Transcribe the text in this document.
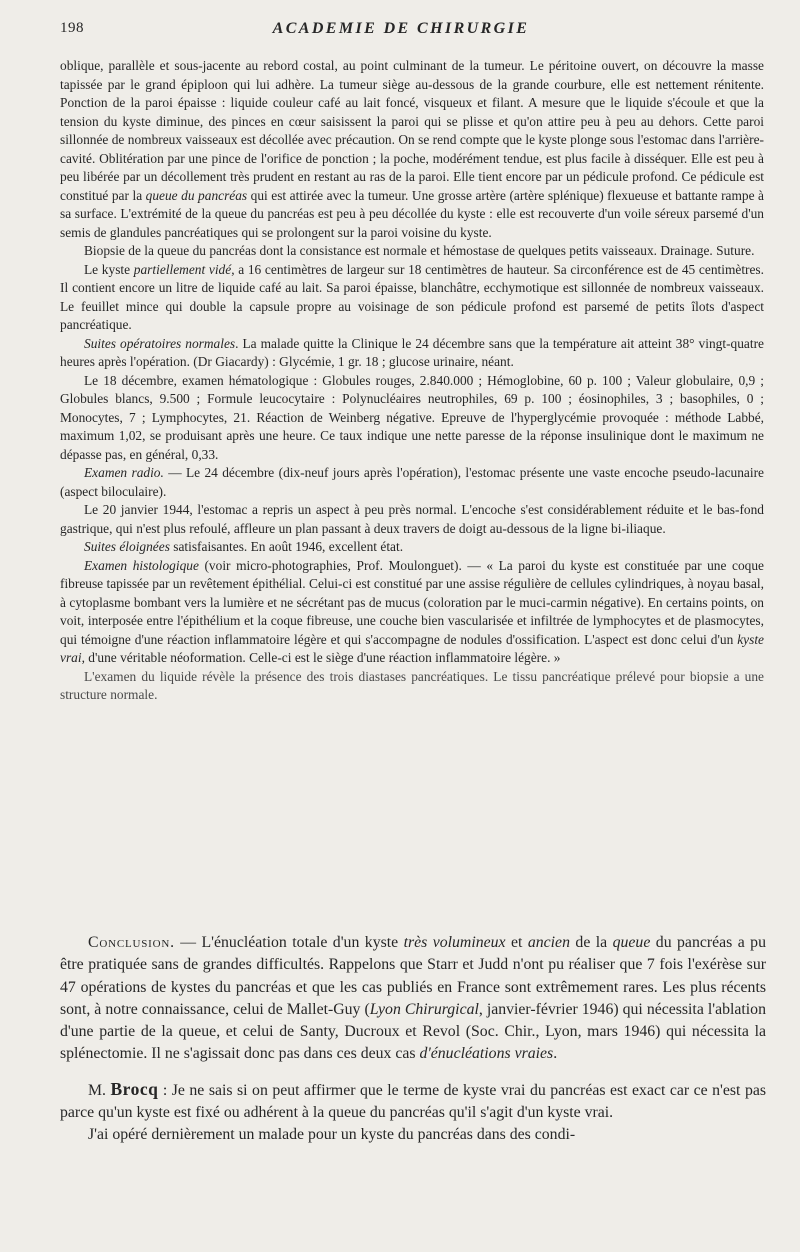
198	ACADEMIE DE CHIRURGIE

oblique, parallèle et sous-jacente au rebord costal, au point culminant de la tumeur. Le péritoine ouvert, on découvre la masse tapissée par le grand épiploon qui lui adhère. La tumeur siège au-dessous de la grande courbure, elle est nettement rénitente. Ponction de la paroi épaisse : liquide couleur café au lait foncé, visqueux et filant. A mesure que le liquide s'écoule et que la tension du kyste diminue, des pinces en cœur saisissent la paroi qui se plisse et qu'on attire peu à peu au dehors. Cette paroi sillonnée de nombreux vaisseaux est décollée avec précaution. On se rend compte que le kyste plonge sous l'estomac dans l'arrière-cavité. Oblitération par une pince de l'orifice de ponction ; la poche, modérément tendue, est plus facile à disséquer. Elle est peu à peu libérée par un décollement très prudent en restant au ras de la paroi. Elle tient encore par un pédicule profond. Ce pédicule est constitué par la queue du pancréas qui est attirée avec la tumeur. Une grosse artère (artère splénique) flexueuse et battante rampe à sa surface. L'extrémité de la queue du pancréas est peu à peu décollée du kyste : elle est recouverte d'un voile séreux parsemé d'un semis de glandules pancréatiques qui se prolongent sur la paroi voisine du kyste.

Biopsie de la queue du pancréas dont la consistance est normale et hémostase de quelques petits vaisseaux. Drainage. Suture.

Le kyste partiellement vidé, a 16 centimètres de largeur sur 18 centimètres de hauteur. Sa circonférence est de 45 centimètres. Il contient encore un litre de liquide café au lait. Sa paroi épaisse, blanchâtre, ecchymotique est sillonnée de nombreux vaisseaux. Le feuillet mince qui double la capsule propre au voisinage de son pédicule profond est parsemé de petits îlots d'aspect pancréatique.

Suites opératoires normales. La malade quitte la Clinique le 24 décembre sans que la température ait atteint 38° vingt-quatre heures après l'opération. (Dr Giacardy) : Glycémie, 1 gr. 18 ; glucose urinaire, néant.

Le 18 décembre, examen hématologique : Globules rouges, 2.840.000 ; Hémoglobine, 60 p. 100 ; Valeur globulaire, 0,9 ; Globules blancs, 9.500 ; Formule leucocytaire : Polynucléaires neutrophiles, 69 p. 100 ; éosinophiles, 3 ; basophiles, 0 ; Monocytes, 7 ; Lymphocytes, 21. Réaction de Weinberg négative. Epreuve de l'hyperglycémie provoquée : méthode Labbé, maximum 1,02, se produisant après une heure. Ce taux indique une nette paresse de la réponse insulinique dont le maximum ne dépasse pas, en général, 0,33.

Examen radio. — Le 24 décembre (dix-neuf jours après l'opération), l'estomac présente une vaste encoche pseudo-lacunaire (aspect biloculaire).

Le 20 janvier 1944, l'estomac a repris un aspect à peu près normal. L'encoche s'est considérablement réduite et le bas-fond gastrique, qui n'est plus refoulé, affleure un plan passant à deux travers de doigt au-dessous de la ligne bi-iliaque.

Suites éloignées satisfaisantes. En août 1946, excellent état.

Examen histologique (voir micro-photographies, Prof. Moulonguet). — « La paroi du kyste est constituée par une coque fibreuse tapissée par un revêtement épithélial. Celui-ci est constitué par une assise régulière de cellules cylindriques, à noyau basal, à cytoplasme bombant vers la lumière et ne sécrétant pas de mucus (coloration par le muci-carmin négative). En certains points, on voit, interposée entre l'épithélium et la coque fibreuse, une couche bien vascularisée et infiltrée de lymphocytes et de plasmocytes, qui témoigne d'une réaction inflammatoire légère et qui s'accompagne de nodules d'ossification. L'aspect est donc celui d'un kyste vrai, d'une véritable néoformation. Celle-ci est le siège d'une réaction inflammatoire légère. »

L'examen du liquide révèle la présence des trois diastases pancréatiques. Le tissu pancréatique prélevé pour biopsie a une structure normale.

Conclusion. — L'énucléation totale d'un kyste très volumineux et ancien de la queue du pancréas a pu être pratiquée sans de grandes difficultés. Rappelons que Starr et Judd n'ont pu réaliser que 7 fois l'exérèse sur 47 opérations de kystes du pancréas et que les cas publiés en France sont extrêmement rares. Les plus récents sont, à notre connaissance, celui de Mallet-Guy (Lyon Chirurgical, janvier-février 1946) qui nécessita l'ablation d'une partie de la queue, et celui de Santy, Ducroux et Revol (Soc. Chir., Lyon, mars 1946) qui nécessita la splénectomie. Il ne s'agissait donc pas dans ces deux cas d'énucléations vraies.

M. Brocq : Je ne sais si on peut affirmer que le terme de kyste vrai du pancréas est exact car ce n'est pas parce qu'un kyste est fixé ou adhérent à la queue du pancréas qu'il s'agit d'un kyste vrai.

J'ai opéré dernièrement un malade pour un kyste du pancréas dans des condi-
